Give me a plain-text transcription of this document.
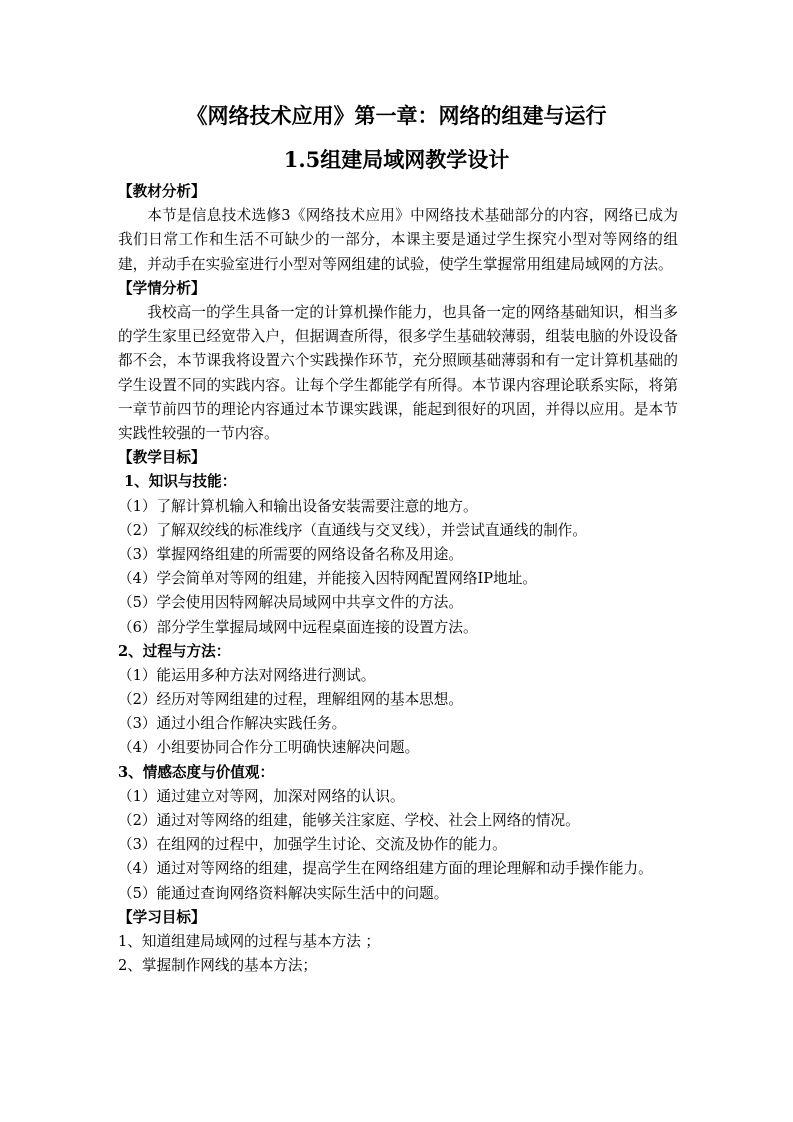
《网络技术应用》第一章：网络的组建与运行
1.5组建局域网教学设计
【教材分析】
本节是信息技术选修3《网络技术应用》中网络技术基础部分的内容，网络已成为我们日常工作和生活不可缺少的一部分，本课主要是通过学生探究小型对等网络的组建，并动手在实验室进行小型对等网组建的试验，使学生掌握常用组建局域网的方法。
【学情分析】
我校高一的学生具备一定的计算机操作能力，也具备一定的网络基础知识，相当多的学生家里已经宽带入户，但据调查所得，很多学生基础较薄弱，组装电脑的外设设备都不会，本节课我将设置六个实践操作环节，充分照顾基础薄弱和有一定计算机基础的学生设置不同的实践内容。让每个学生都能学有所得。本节课内容理论联系实际，将第一章节前四节的理论内容通过本节课实践课，能起到很好的巩固，并得以应用。是本节实践性较强的一节内容。
【教学目标】
1、知识与技能：
（1）了解计算机输入和输出设备安装需要注意的地方。
（2）了解双绞线的标准线序（直通线与交叉线），并尝试直通线的制作。
（3）掌握网络组建的所需要的网络设备名称及用途。
（4）学会简单对等网的组建，并能接入因特网配置网络IP地址。
（5）学会使用因特网解决局域网中共享文件的方法。
（6）部分学生掌握局域网中远程桌面连接的设置方法。
2、过程与方法：
（1）能运用多种方法对网络进行测试。
（2）经历对等网组建的过程，理解组网的基本思想。
（3）通过小组合作解决实践任务。
（4）小组要协同合作分工明确快速解决问题。
3、情感态度与价值观：
（1）通过建立对等网，加深对网络的认识。
（2）通过对等网络的组建，能够关注家庭、学校、社会上网络的情况。
（3）在组网的过程中，加强学生讨论、交流及协作的能力。
（4）通过对等网络的组建，提高学生在网络组建方面的理论理解和动手操作能力。
（5）能通过查询网络资料解决实际生活中的问题。
【学习目标】
1、知道组建局域网的过程与基本方法 ；
2、掌握制作网线的基本方法；
